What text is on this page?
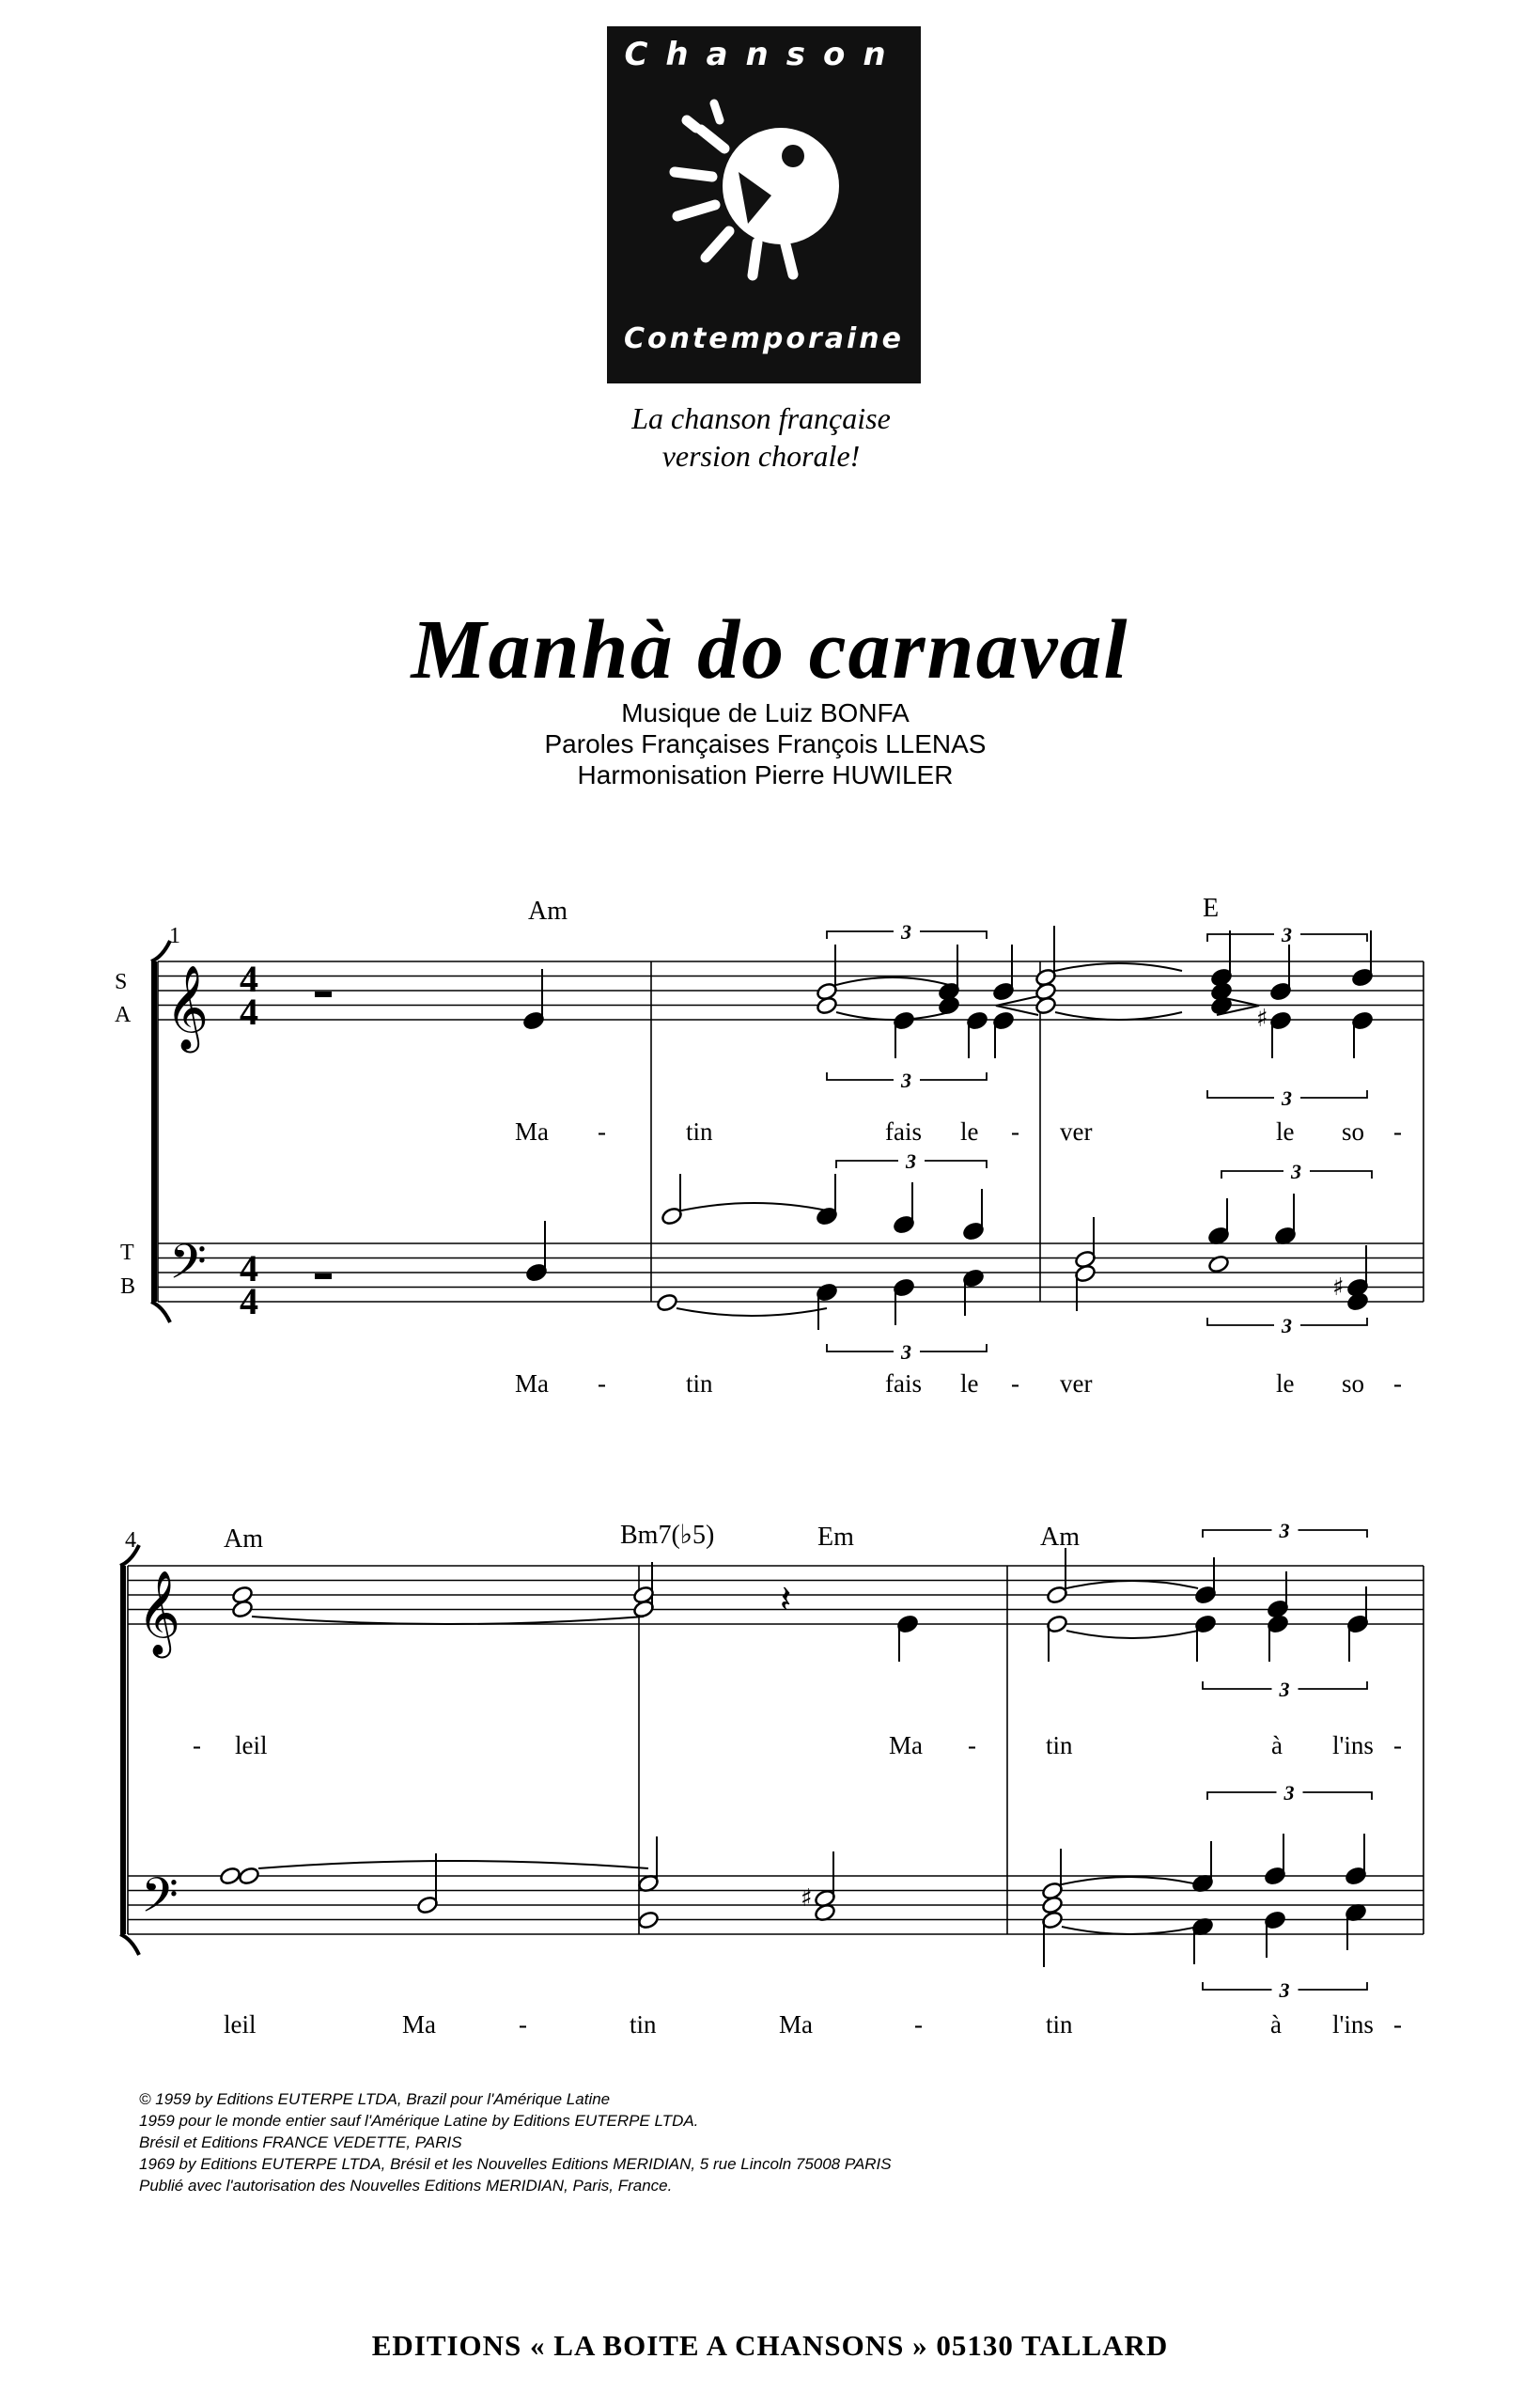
Chanson
Contemporaine
La chanson française
version chorale!
Manhà do carnaval
Musique de Luiz BONFA
Paroles Françaises François LLENAS
Harmonisation Pierre HUWILER
1
S
A
T
B
Am	E
4
4
4
4
Ma -	tin	fais le - ver	le so -
Ma -	tin	fais le - ver	le so -
4	Am	Bm7(♭5)	Em	Am
- leil	Ma -	tin	à l'ins -
leil	Ma	-	tin	Ma	-	tin	à l'ins -
𝄞
𝄢
𝄞
𝄢
♯
♯
𝄽
♯
3
3
3
3
3	3
3
3
3
3
3
3
© 1959 by Editions EUTERPE LTDA, Brazil pour l'Amérique Latine
1959 pour le monde entier sauf l'Amérique Latine by Editions EUTERPE LTDA.
Brésil et Editions FRANCE VEDETTE, PARIS
1969 by Editions EUTERPE LTDA, Brésil et les Nouvelles Editions MERIDIAN, 5 rue Lincoln 75008 PARIS
Publié avec l'autorisation des Nouvelles Editions MERIDIAN, Paris, France.
EDITIONS « LA BOITE A CHANSONS » 05130 TALLARD
